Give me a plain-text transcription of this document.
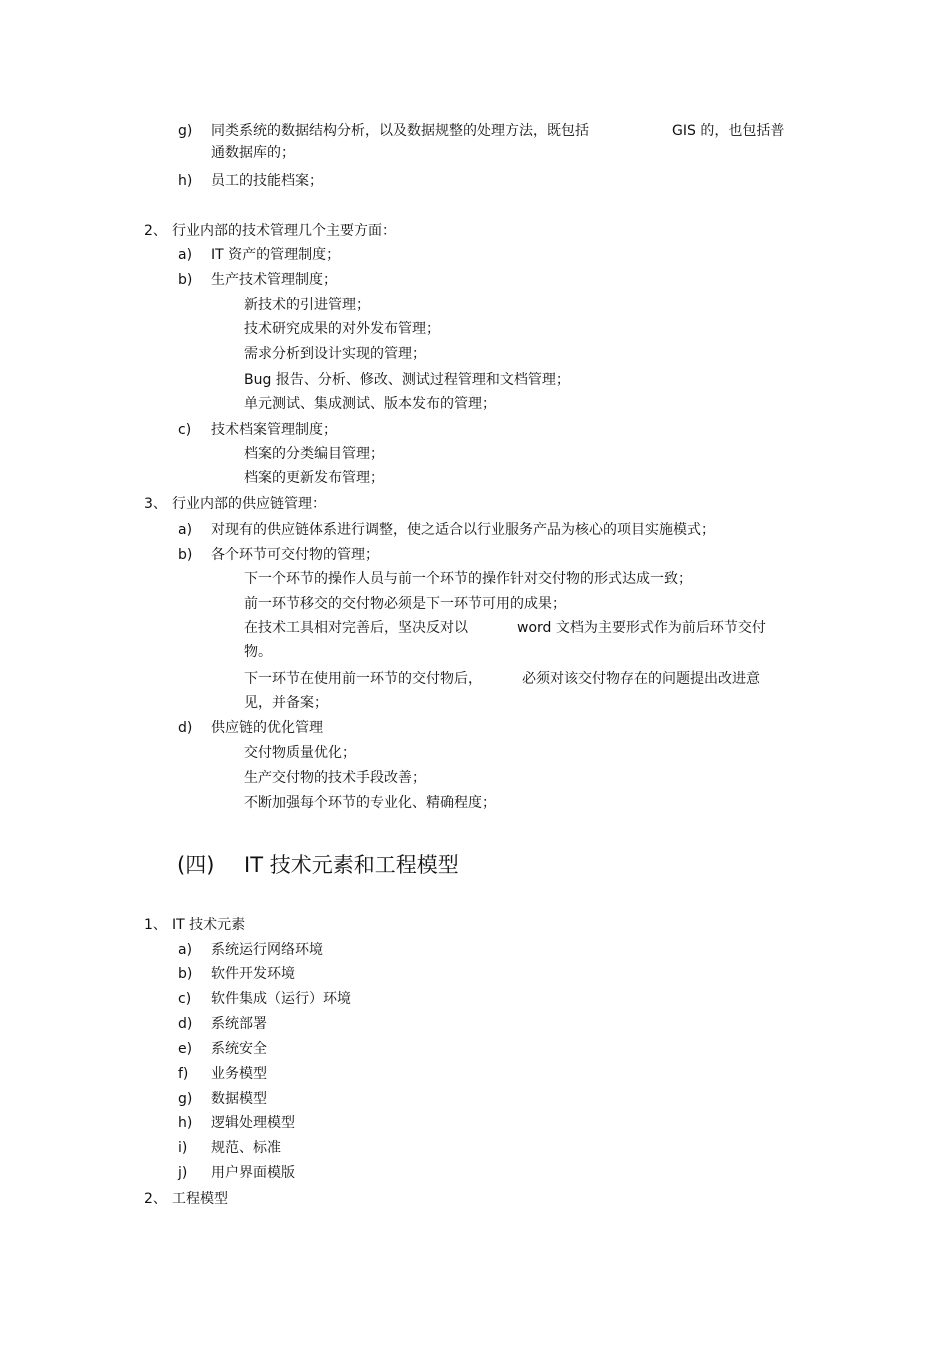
g) 同类系统的数据结构分析，以及数据规整的处理方法，既包括	GIS 的，也包括普
通数据库的；
h) 员工的技能档案；
2、 行业内部的技术管理几个主要方面：
a) IT 资产的管理制度；
b) 生产技术管理制度；
新技术的引进管理；
技术研究成果的对外发布管理；
需求分析到设计实现的管理；
Bug 报告、分析、修改、测试过程管理和文档管理；
单元测试、集成测试、版本发布的管理；
c) 技术档案管理制度；
档案的分类编目管理；
档案的更新发布管理；
3、 行业内部的供应链管理：
a) 对现有的供应链体系进行调整，使之适合以行业服务产品为核心的项目实施模式；
b) 各个环节可交付物的管理；
下一个环节的操作人员与前一个环节的操作针对交付物的形式达成一致；
前一环节移交的交付物必须是下一环节可用的成果；
在技术工具相对完善后，坚决反对以	word 文档为主要形式作为前后环节交付
物。
下一环节在使用前一环节的交付物后，	必须对该交付物存在的问题提出改进意
见，并备案；
d) 供应链的优化管理
交付物质量优化；
生产交付物的技术手段改善；
不断加强每个环节的专业化、精确程度；
(四) IT 技术元素和工程模型
1、 IT 技术元素
a) 系统运行网络环境
b) 软件开发环境
c) 软件集成（运行）环境
d) 系统部署
e) 系统安全
f) 业务模型
g) 数据模型
h) 逻辑处理模型
i) 规范、标准
j) 用户界面模版
2、 工程模型
